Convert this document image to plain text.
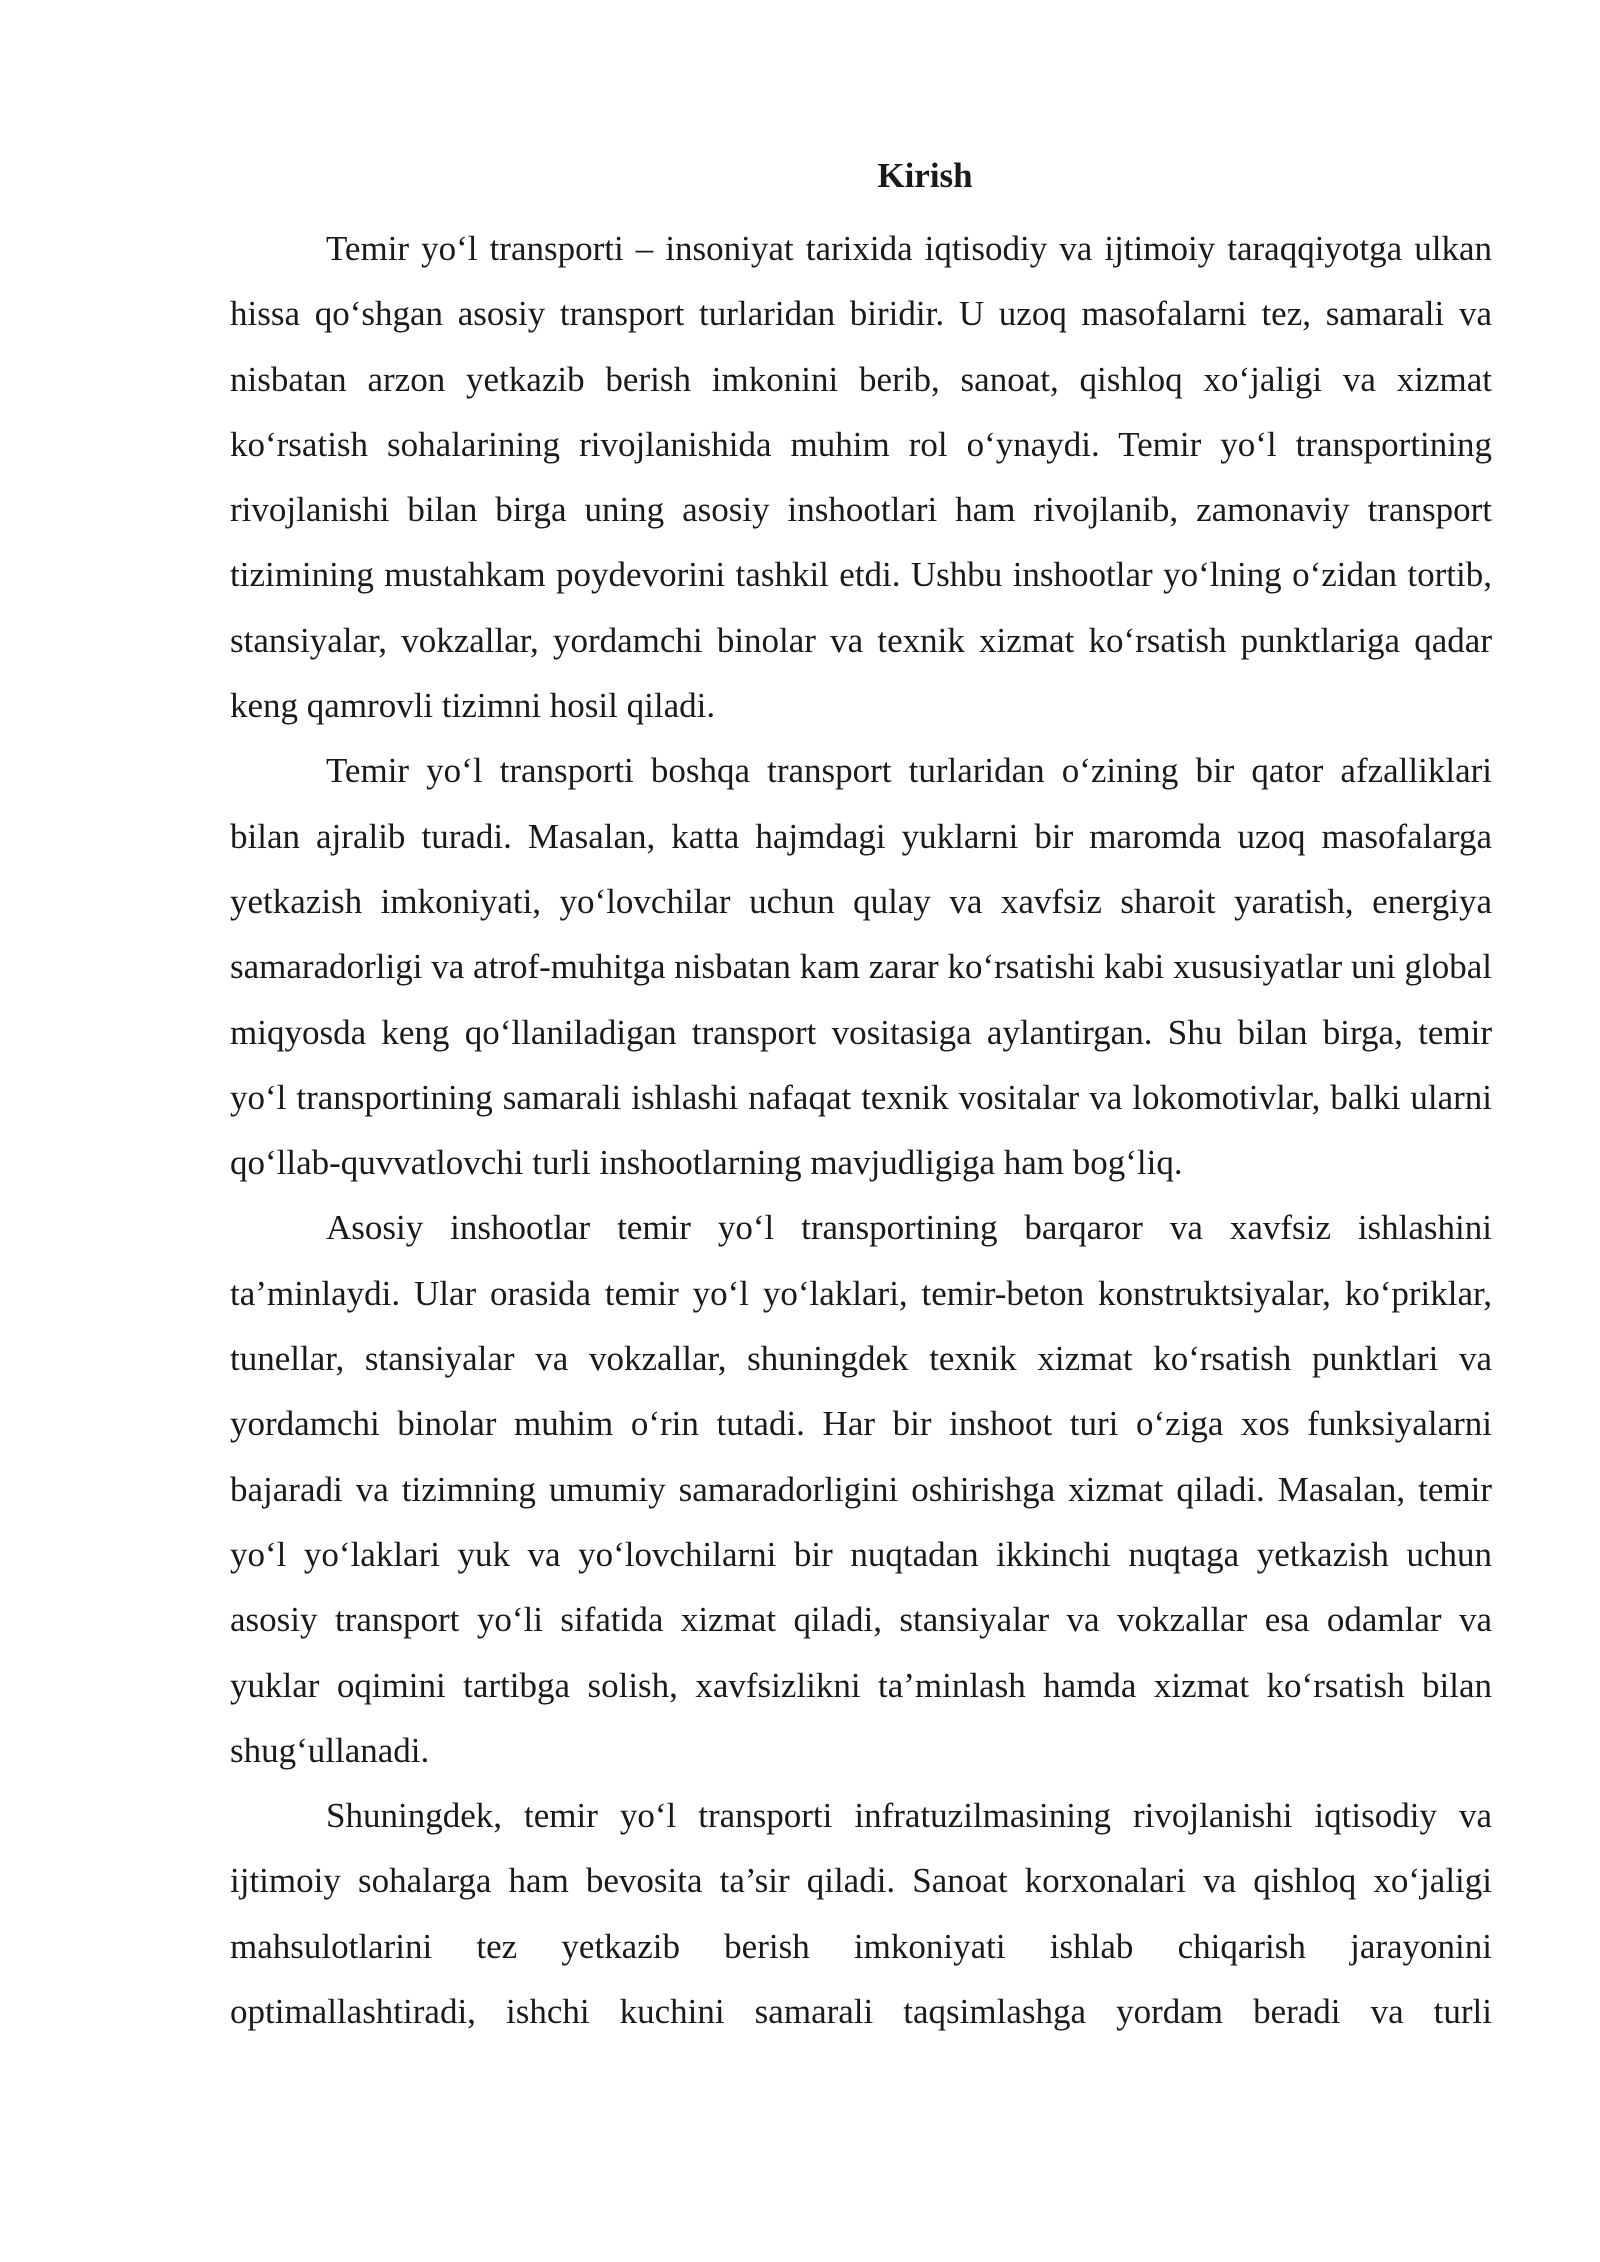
Kirish

Temir yo‘l transporti – insoniyat tarixida iqtisodiy va ijtimoiy taraqqiyotga ulkan hissa qo‘shgan asosiy transport turlaridan biridir. U uzoq masofalarni tez, samarali va nisbatan arzon yetkazib berish imkonini berib, sanoat, qishloq xo‘jaligi va xizmat ko‘rsatish sohalarining rivojlanishida muhim rol o‘ynaydi. Temir yo‘l transportining rivojlanishi bilan birga uning asosiy inshootlari ham rivojlanib, zamonaviy transport tizimining mustahkam poydevorini tashkil etdi. Ushbu inshootlar yo‘lning o‘zidan tortib, stansiyalar, vokzallar, yordamchi binolar va texnik xizmat ko‘rsatish punktlariga qadar keng qamrovli tizimni hosil qiladi.

Temir yo‘l transporti boshqa transport turlaridan o‘zining bir qator afzalliklari bilan ajralib turadi. Masalan, katta hajmdagi yuklarni bir maromda uzoq masofalarga yetkazish imkoniyati, yo‘lovchilar uchun qulay va xavfsiz sharoit yaratish, energiya samaradorligi va atrof-muhitga nisbatan kam zarar ko‘rsatishi kabi xususiyatlar uni global miqyosda keng qo‘llaniladigan transport vositasiga aylantirgan. Shu bilan birga, temir yo‘l transportining samarali ishlashi nafaqat texnik vositalar va lokomotivlar, balki ularni qo‘llab-quvvatlovchi turli inshootlarning mavjudligiga ham bog‘liq.

Asosiy inshootlar temir yo‘l transportining barqaror va xavfsiz ishlashini ta’minlaydi. Ular orasida temir yo‘l yo‘laklari, temir-beton konstruktsiyalar, ko‘priklar, tunellar, stansiyalar va vokzallar, shuningdek texnik xizmat ko‘rsatish punktlari va yordamchi binolar muhim o‘rin tutadi. Har bir inshoot turi o‘ziga xos funksiyalarni bajaradi va tizimning umumiy samaradorligini oshirishga xizmat qiladi. Masalan, temir yo‘l yo‘laklari yuk va yo‘lovchilarni bir nuqtadan ikkinchi nuqtaga yetkazish uchun asosiy transport yo‘li sifatida xizmat qiladi, stansiyalar va vokzallar esa odamlar va yuklar oqimini tartibga solish, xavfsizlikni ta’minlash hamda xizmat ko‘rsatish bilan shug‘ullanadi.

Shuningdek, temir yo‘l transporti infratuzilmasining rivojlanishi iqtisodiy va ijtimoiy sohalarga ham bevosita ta’sir qiladi. Sanoat korxonalari va qishloq xo‘jaligi mahsulotlarini tez yetkazib berish imkoniyati ishlab chiqarish jarayonini optimallashtiradi, ishchi kuchini samarali taqsimlashga yordam beradi va turli
